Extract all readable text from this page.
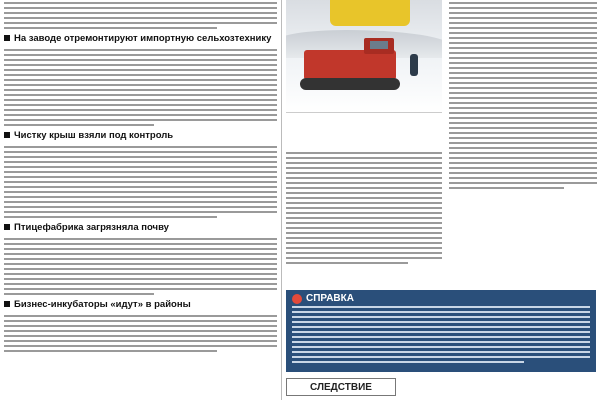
На заводе отремонтируют импортную сельхозтехнику
Чистку крыш взяли под контроль
Птицефабрика загрязняла почву
Бизнес-инкубаторы «идут» в районы
СПРАВКА
СЛЕДСТВИЕ
